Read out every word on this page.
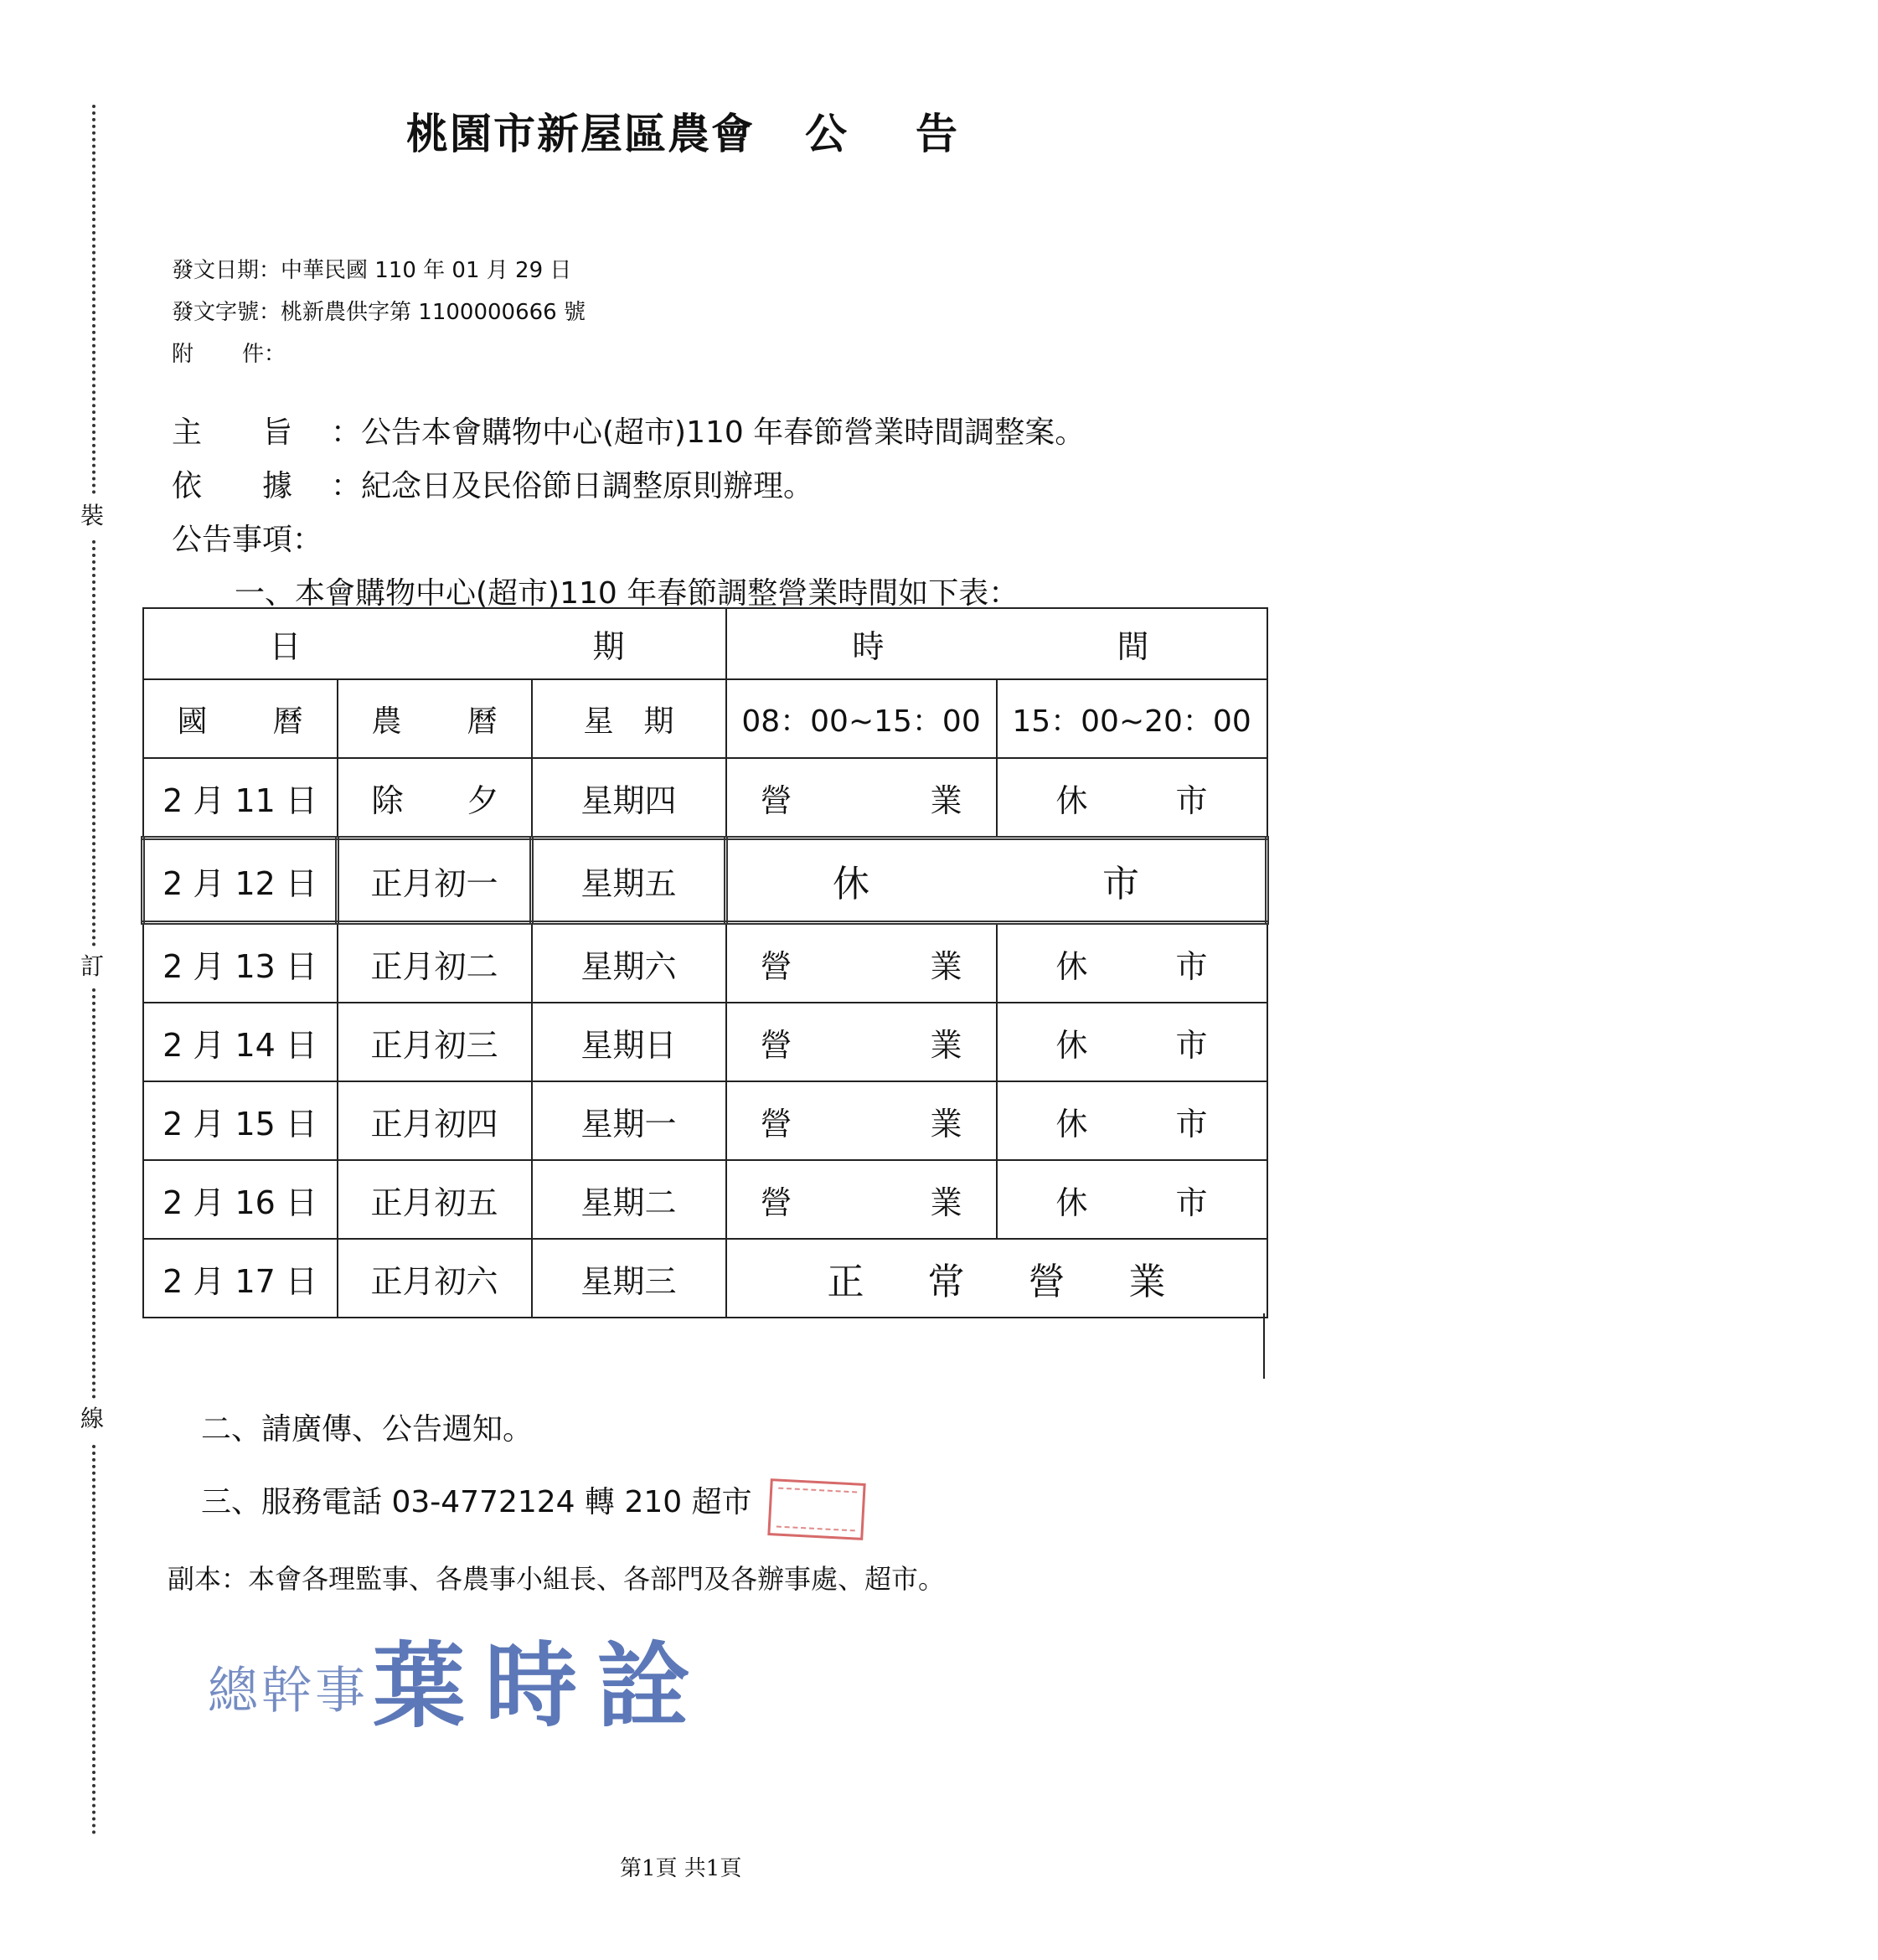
裝
訂
線
桃園市新屋區農會 公 告
發文日期：中華民國 110 年 01 月 29 日
發文字號：桃新農供字第 1100000666 號
附　　件：
主　　旨 ：公告本會購物中心(超市)110 年春節營業時間調整案。
依　　據 ：紀念日及民俗節日調整原則辦理。
公告事項：
一、本會購物中心(超市)110 年春節調整營業時間如下表：
日 期			時 間	

國 曆	農 曆	星　期	08：00~15：00	15：00~20：00
2 月 11 日	除　　夕	星期四	營 業	休 市

2 月 12 日	正月初一	星期五	休 市	

2 月 13 日	正月初二	星期六	營 業	休 市

2 月 14 日	正月初三	星期日	營 業	休 市

2 月 15 日	正月初四	星期一	營 業	休 市

2 月 16 日	正月初五	星期二	營 業	休 市

2 月 17 日	正月初六	星期三	正 常 營 業	
二、請廣傳、公告週知。
三、服務電話 03-4772124 轉 210 超市
副本：本會各理監事、各農事小組長、各部門及各辦事處、超市。
總幹事 葉時詮
第1頁 共1頁
